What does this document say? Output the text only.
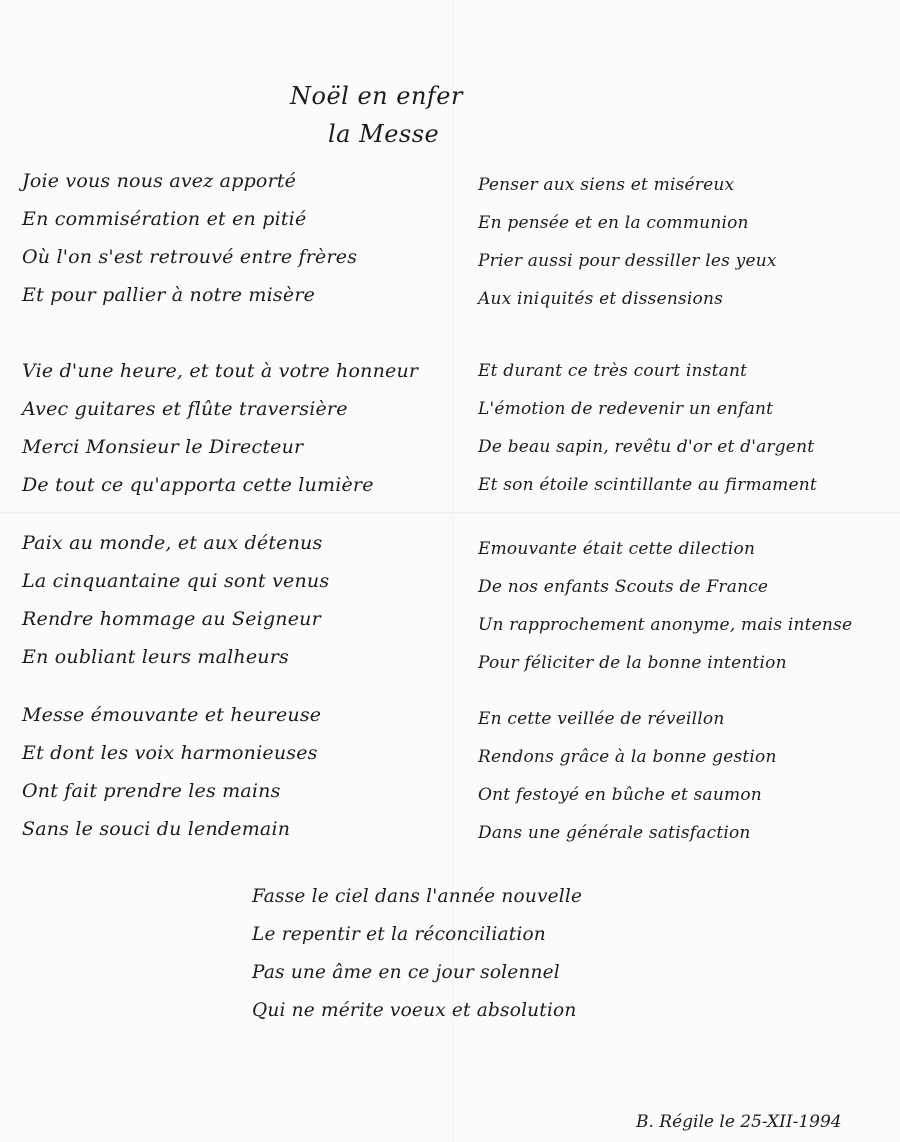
Noël en enfer
la Messe
Joie vous nous avez apporté
En commisération et en pitié
Où l'on s'est retrouvé entre frères
Et pour pallier à notre misère
Vie d'une heure, et tout à votre honneur
Avec guitares et flûte traversière
Merci Monsieur le Directeur
De tout ce qu'apporta cette lumière
Paix au monde, et aux détenus
La cinquantaine qui sont venus
Rendre hommage au Seigneur
En oubliant leurs malheurs
Messe émouvante et heureuse
Et dont les voix harmonieuses
Ont fait prendre les mains
Sans le souci du lendemain
Penser aux siens et miséreux
En pensée et en la communion
Prier aussi pour dessiller les yeux
Aux iniquités et dissensions
Et durant ce très court instant
L'émotion de redevenir un enfant
De beau sapin, revêtu d'or et d'argent
Et son étoile scintillante au firmament
Emouvante était cette dilection
De nos enfants Scouts de France
Un rapprochement anonyme, mais intense
Pour féliciter de la bonne intention
En cette veillée de réveillon
Rendons grâce à la bonne gestion
Ont festoyé en bûche et saumon
Dans une générale satisfaction
Fasse le ciel dans l'année nouvelle
Le repentir et la réconciliation
Pas une âme en ce jour solennel
Qui ne mérite voeux et absolution
B. Régile le 25-XII-1994
